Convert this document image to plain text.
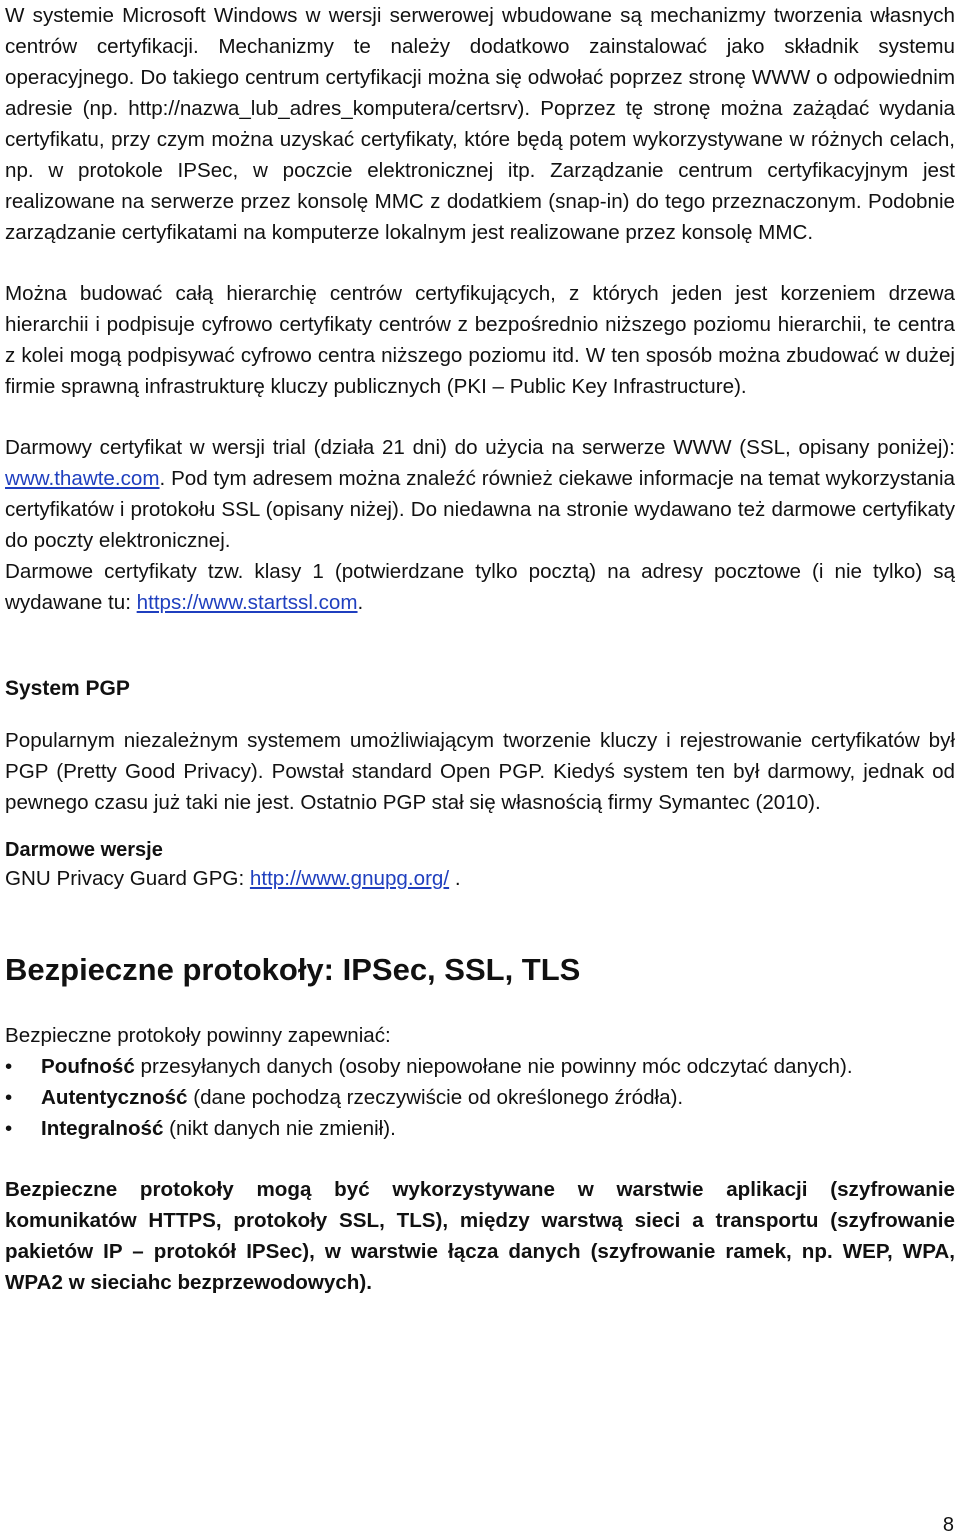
W systemie Microsoft Windows w wersji serwerowej wbudowane są mechanizmy tworzenia własnych centrów certyfikacji. Mechanizmy te należy dodatkowo zainstalować jako składnik systemu operacyjnego. Do takiego centrum certyfikacji można się odwołać poprzez stronę WWW o odpowiednim adresie (np. http://nazwa_lub_adres_komputera/certsrv). Poprzez tę stronę można zażądać wydania certyfikatu, przy czym można uzyskać certyfikaty, które będą potem wykorzystywane w różnych celach, np. w protokole IPSec, w poczcie elektronicznej itp. Zarządzanie centrum certyfikacyjnym jest realizowane na serwerze przez konsolę MMC z dodatkiem (snap-in) do tego przeznaczonym. Podobnie zarządzanie certyfikatami na komputerze lokalnym jest realizowane przez konsolę MMC.

Można budować całą hierarchię centrów certyfikujących, z których jeden jest korzeniem drzewa hierarchii i podpisuje cyfrowo certyfikaty centrów z bezpośrednio niższego poziomu hierarchii, te centra z kolei mogą podpisywać cyfrowo centra niższego poziomu itd. W ten sposób można zbudować w dużej firmie sprawną infrastrukturę kluczy publicznych (PKI – Public Key Infrastructure).

Darmowy certyfikat w wersji trial (działa 21 dni) do użycia na serwerze WWW (SSL, opisany poniżej): www.thawte.com. Pod tym adresem można znaleźć również ciekawe informacje na temat wykorzystania certyfikatów i protokołu SSL (opisany niżej). Do niedawna na stronie wydawano też darmowe certyfikaty do poczty elektronicznej.

Darmowe certyfikaty tzw. klasy 1 (potwierdzane tylko pocztą) na adresy pocztowe (i nie tylko) są wydawane tu: https://www.startssl.com.

System PGP

Popularnym niezależnym systemem umożliwiającym tworzenie kluczy i rejestrowanie certyfikatów był PGP (Pretty Good Privacy). Powstał standard Open PGP. Kiedyś system ten był darmowy, jednak od pewnego czasu już taki nie jest. Ostatnio PGP stał się własnością firmy Symantec (2010).

Darmowe wersje

GNU Privacy Guard GPG: http://www.gnupg.org/ .

Bezpieczne protokoły: IPSec, SSL, TLS

Bezpieczne protokoły powinny zapewniać:

• Poufność przesyłanych danych (osoby niepowołane nie powinny móc odczytać danych).
• Autentyczność (dane pochodzą rzeczywiście od określonego źródła).
• Integralność (nikt danych nie zmienił).

Bezpieczne protokoły mogą być wykorzystywane w warstwie aplikacji (szyfrowanie komunikatów HTTPS, protokoły SSL, TLS), między warstwą sieci a transportu (szyfrowanie pakietów IP – protokół IPSec), w warstwie łącza danych (szyfrowanie ramek, np. WEP, WPA, WPA2 w sieciahc bezprzewodowych).

8
